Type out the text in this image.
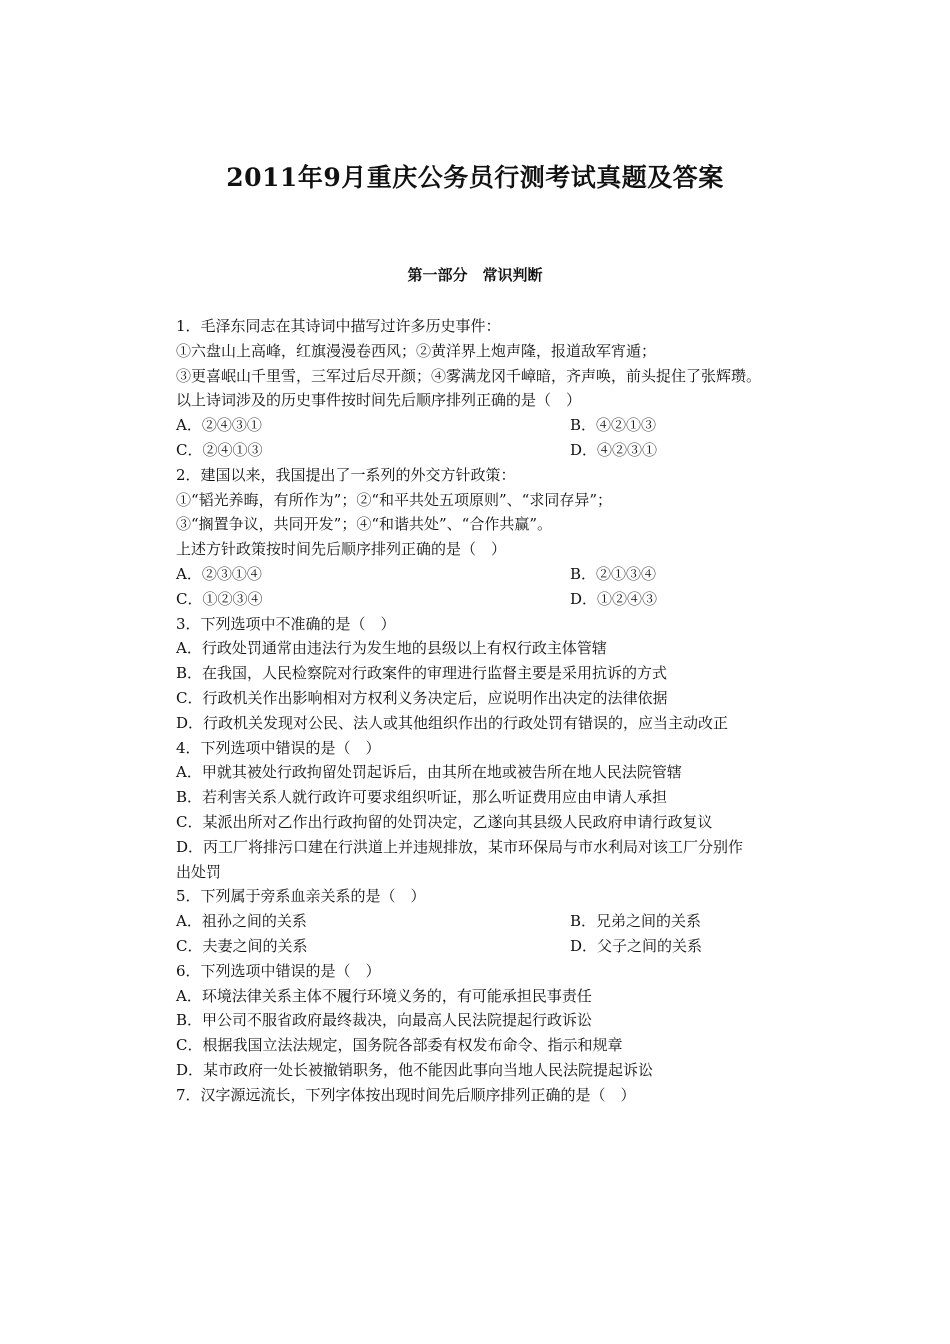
2011年9月重庆公务员行测考试真题及答案
第一部分　常识判断
1．毛泽东同志在其诗词中描写过许多历史事件：
①六盘山上高峰，红旗漫漫卷西风；②黄洋界上炮声隆，报道敌军宵遁；
③更喜岷山千里雪，三军过后尽开颜；④雾满龙冈千嶂暗，齐声唤，前头捉住了张辉瓒。
以上诗词涉及的历史事件按时间先后顺序排列正确的是（　）
A．②④③①	B．④②①③
C．②④①③	D．④②③①
2．建国以来，我国提出了一系列的外交方针政策：
①“韬光养晦，有所作为”；②“和平共处五项原则”、“求同存异”；
③“搁置争议，共同开发”；④“和谐共处”、“合作共赢”。
上述方针政策按时间先后顺序排列正确的是（　）
A．②③①④	B．②①③④
C．①②③④	D．①②④③
3．下列选项中不准确的是（　）
A．行政处罚通常由违法行为发生地的县级以上有权行政主体管辖
B．在我国，人民检察院对行政案件的审理进行监督主要是采用抗诉的方式
C．行政机关作出影响相对方权利义务决定后，应说明作出决定的法律依据
D．行政机关发现对公民、法人或其他组织作出的行政处罚有错误的，应当主动改正
4．下列选项中错误的是（　）
A．甲就其被处行政拘留处罚起诉后，由其所在地或被告所在地人民法院管辖
B．若利害关系人就行政许可要求组织听证，那么听证费用应由申请人承担
C．某派出所对乙作出行政拘留的处罚决定，乙遂向其县级人民政府申请行政复议
D．丙工厂将排污口建在行洪道上并违规排放，某市环保局与市水利局对该工厂分别作
出处罚
5．下列属于旁系血亲关系的是（　）
A．祖孙之间的关系	B．兄弟之间的关系
C．夫妻之间的关系	D．父子之间的关系
6．下列选项中错误的是（　）
A．环境法律关系主体不履行环境义务的，有可能承担民事责任
B．甲公司不服省政府最终裁决，向最高人民法院提起行政诉讼
C．根据我国立法法规定，国务院各部委有权发布命令、指示和规章
D．某市政府一处长被撤销职务，他不能因此事向当地人民法院提起诉讼
7．汉字源远流长，下列字体按出现时间先后顺序排列正确的是（　）
